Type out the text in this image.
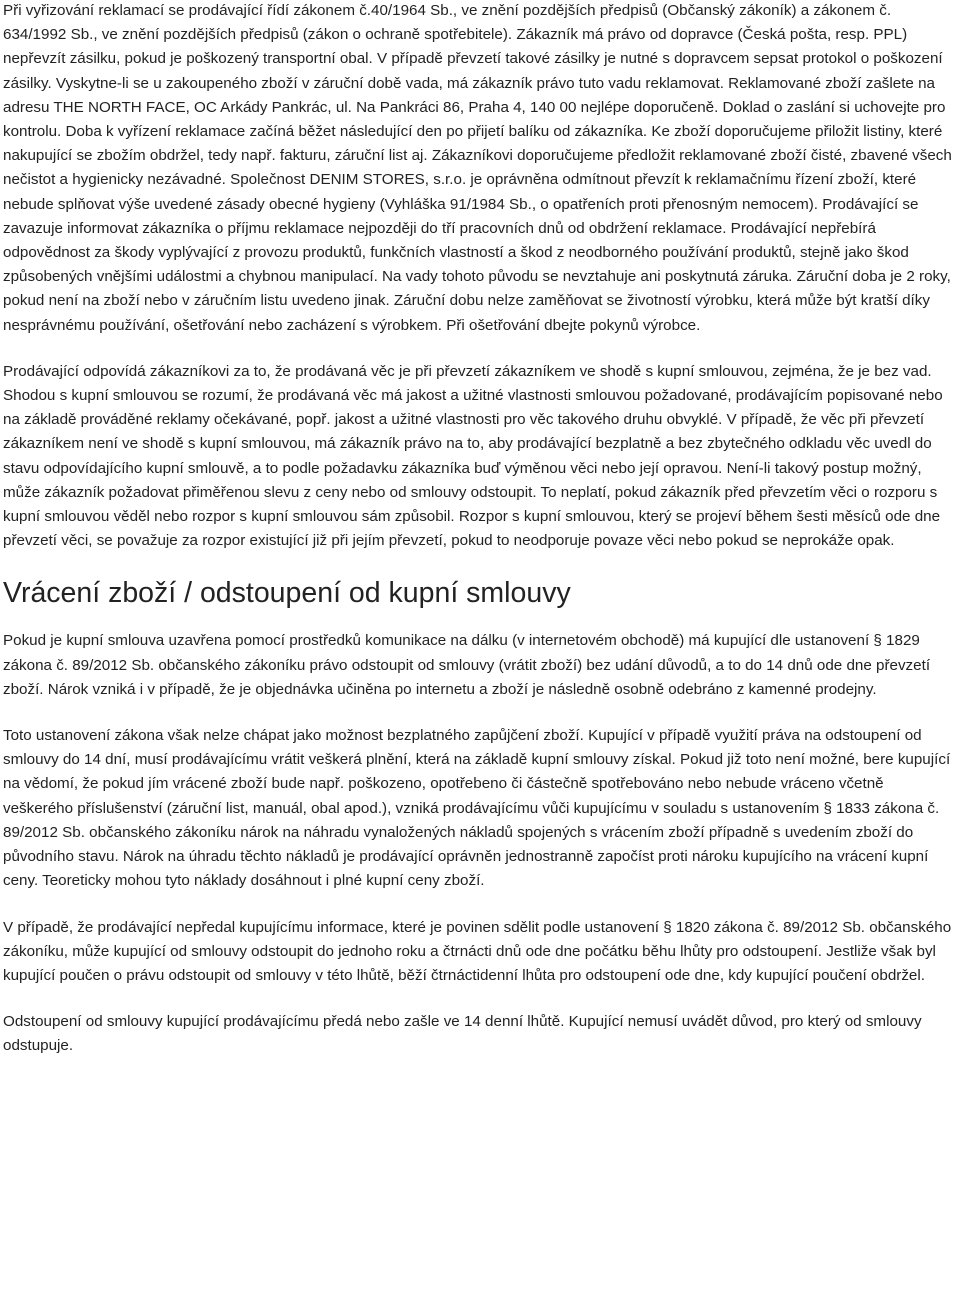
Při vyřizování reklamací se prodávající řídí zákonem č.40/1964 Sb., ve znění pozdějších předpisů (Občanský zákoník) a zákonem č. 634/1992 Sb., ve znění pozdějších předpisů (zákon o ochraně spotřebitele). Zákazník má právo od dopravce (Česká pošta, resp. PPL) nepřevzít zásilku, pokud je poškozený transportní obal. V případě převzetí takové zásilky je nutné s dopravcem sepsat protokol o poškození zásilky. Vyskytne-li se u zakoupeného zboží v záruční době vada, má zákazník právo tuto vadu reklamovat. Reklamované zboží zašlete na adresu THE NORTH FACE, OC Arkády Pankrác, ul. Na Pankráci 86, Praha 4, 140 00 nejlépe doporučeně. Doklad o zaslání si uchovejte pro kontrolu. Doba k vyřízení reklamace začíná běžet následující den po přijetí balíku od zákazníka. Ke zboží doporučujeme přiložit listiny, které nakupující se zbožím obdržel, tedy např. fakturu, záruční list aj. Zákazníkovi doporučujeme předložit reklamované zboží čisté, zbavené všech nečistot a hygienicky nezávadné. Společnost DENIM STORES, s.r.o. je oprávněna odmítnout převzít k reklamačnímu řízení zboží, které nebude splňovat výše uvedené zásady obecné hygieny (Vyhláška 91/1984 Sb., o opatřeních proti přenosným nemocem). Prodávající se zavazuje informovat zákazníka o příjmu reklamace nejpozději do tří pracovních dnů od obdržení reklamace. Prodávající nepřebírá odpovědnost za škody vyplývající z provozu produktů, funkčních vlastností a škod z neodborného používání produktů, stejně jako škod způsobených vnějšími událostmi a chybnou manipulací. Na vady tohoto původu se nevztahuje ani poskytnutá záruka. Záruční doba je 2 roky, pokud není na zboží nebo v záručním listu uvedeno jinak. Záruční dobu nelze zaměňovat se životností výrobku, která může být kratší díky nesprávnému používání, ošetřování nebo zacházení s výrobkem. Při ošetřování dbejte pokynů výrobce.

Prodávající odpovídá zákazníkovi za to, že prodávaná věc je při převzetí zákazníkem ve shodě s kupní smlouvou, zejména, že je bez vad. Shodou s kupní smlouvou se rozumí, že prodávaná věc má jakost a užitné vlastnosti smlouvou požadované, prodávajícím popisované nebo na základě prováděné reklamy očekávané, popř. jakost a užitné vlastnosti pro věc takového druhu obvyklé. V případě, že věc při převzetí zákazníkem není ve shodě s kupní smlouvou, má zákazník právo na to, aby prodávající bezplatně a bez zbytečného odkladu věc uvedl do stavu odpovídajícího kupní smlouvě, a to podle požadavku zákazníka buď výměnou věci nebo její opravou. Není-li takový postup možný, může zákazník požadovat přiměřenou slevu z ceny nebo od smlouvy odstoupit. To neplatí, pokud zákazník před převzetím věci o rozporu s kupní smlouvou věděl nebo rozpor s kupní smlouvou sám způsobil. Rozpor s kupní smlouvou, který se projeví během šesti měsíců ode dne převzetí věci, se považuje za rozpor existující již při jejím převzetí, pokud to neodporuje povaze věci nebo pokud se neprokáže opak.

Vrácení zboží / odstoupení od kupní smlouvy

Pokud je kupní smlouva uzavřena pomocí prostředků komunikace na dálku (v internetovém obchodě) má kupující dle ustanovení § 1829 zákona č. 89/2012 Sb. občanského zákoníku právo odstoupit od smlouvy (vrátit zboží) bez udání důvodů, a to do 14 dnů ode dne převzetí zboží. Nárok vzniká i v případě, že je objednávka učiněna po internetu a zboží je následně osobně odebráno z kamenné prodejny.

Toto ustanovení zákona však nelze chápat jako možnost bezplatného zapůjčení zboží. Kupující v případě využití práva na odstoupení od smlouvy do 14 dní, musí prodávajícímu vrátit veškerá plnění, která na základě kupní smlouvy získal. Pokud již toto není možné, bere kupující na vědomí, že pokud jím vrácené zboží bude např. poškozeno, opotřebeno či částečně spotřebováno nebo nebude vráceno včetně veškerého příslušenství (záruční list, manuál, obal apod.), vzniká prodávajícímu vůči kupujícímu v souladu s ustanovením § 1833 zákona č. 89/2012 Sb. občanského zákoníku nárok na náhradu vynaložených nákladů spojených s vrácením zboží případně s uvedením zboží do původního stavu. Nárok na úhradu těchto nákladů je prodávající oprávněn jednostranně započíst proti nároku kupujícího na vrácení kupní ceny. Teoreticky mohou tyto náklady dosáhnout i plné kupní ceny zboží.

V případě, že prodávající nepředal kupujícímu informace, které je povinen sdělit podle ustanovení § 1820 zákona č. 89/2012 Sb. občanského zákoníku, může kupující od smlouvy odstoupit do jednoho roku a čtrnácti dnů ode dne počátku běhu lhůty pro odstoupení. Jestliže však byl kupující poučen o právu odstoupit od smlouvy v této lhůtě, běží čtrnáctidenní lhůta pro odstoupení ode dne, kdy kupující poučení obdržel.

Odstoupení od smlouvy kupující prodávajícímu předá nebo zašle ve 14 denní lhůtě. Kupující nemusí uvádět důvod, pro který od smlouvy odstupuje.
